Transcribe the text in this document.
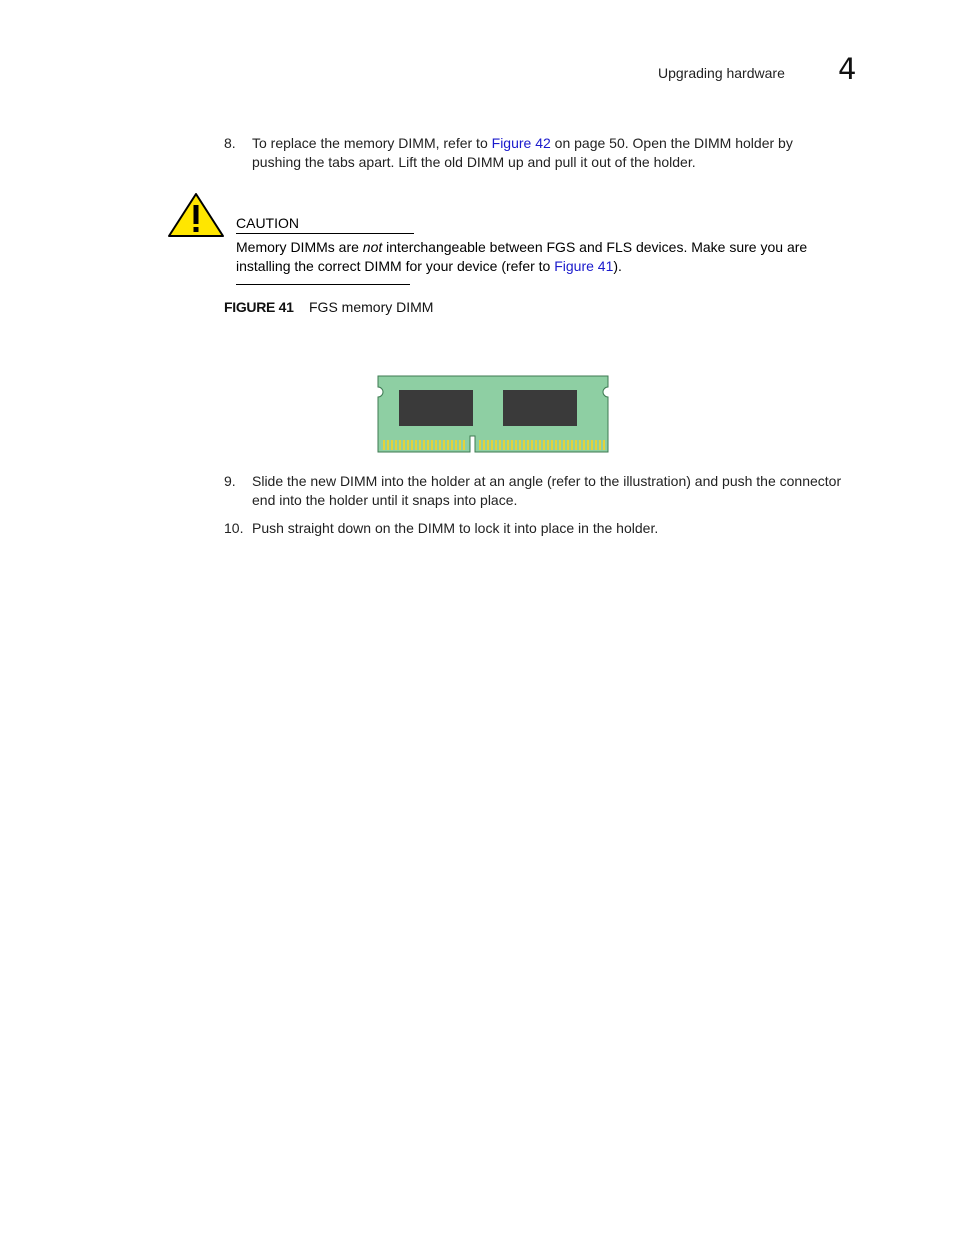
Upgrading hardware 4
8. To replace the memory DIMM, refer to Figure 42 on page 50. Open the DIMM holder by pushing the tabs apart. Lift the old DIMM up and pull it out of the holder.
CAUTION
Memory DIMMs are not interchangeable between FGS and FLS devices. Make sure you are installing the correct DIMM for your device (refer to Figure 41).
FIGURE 41 FGS memory DIMM
9. Slide the new DIMM into the holder at an angle (refer to the illustration) and push the connector end into the holder until it snaps into place.
10. Push straight down on the DIMM to lock it into place in the holder.
